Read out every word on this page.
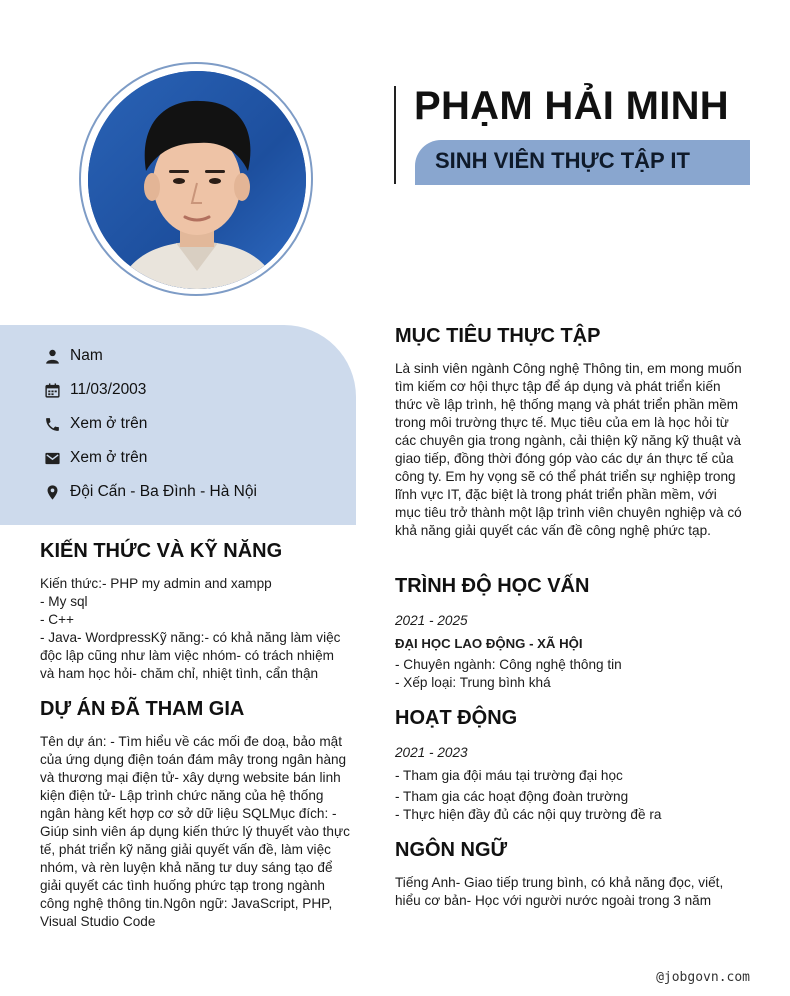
PHẠM HẢI MINH
SINH VIÊN THỰC TẬP IT
Nam
11/03/2003
Xem ở trên
Xem ở trên
Đội Cấn - Ba Đình - Hà Nội
KIẾN THỨC VÀ KỸ NĂNG
Kiến thức:- PHP my admin and xampp
- My sql
- C++
- Java- WordpressKỹ năng:- có khả năng làm việc
độc lập cũng như làm việc nhóm- có trách nhiệm
và ham học hỏi- chăm chỉ, nhiệt tình, cẩn thận
DỰ ÁN ĐÃ THAM GIA
Tên dự án: - Tìm hiểu về các mối đe doạ, bảo mật
của ứng dụng điện toán đám mây trong ngân hàng
và thương mại điện tử- xây dựng website bán linh
kiện điện tử- Lập trình chức năng của hệ thống
ngân hàng kết hợp cơ sở dữ liệu SQLMục đích: -
Giúp sinh viên áp dụng kiến thức lý thuyết vào thực
tế, phát triển kỹ năng giải quyết vấn đề, làm việc
nhóm, và rèn luyện khả năng tư duy sáng tạo để
giải quyết các tình huống phức tạp trong ngành
công nghệ thông tin.Ngôn ngữ: JavaScript, PHP,
Visual Studio Code
MỤC TIÊU THỰC TẬP
Là sinh viên ngành Công nghệ Thông tin, em mong muốn
tìm kiếm cơ hội thực tập để áp dụng và phát triển kiến
thức về lập trình, hệ thống mạng và phát triển phần mềm
trong môi trường thực tế. Mục tiêu của em là học hỏi từ
các chuyên gia trong ngành, cải thiện kỹ năng kỹ thuật và
giao tiếp, đồng thời đóng góp vào các dự án thực tế của
công ty. Em hy vọng sẽ có thể phát triển sự nghiệp trong
lĩnh vực IT, đặc biệt là trong phát triển phần mềm, với
mục tiêu trở thành một lập trình viên chuyên nghiệp và có
khả năng giải quyết các vấn đề công nghệ phức tạp.
TRÌNH ĐỘ HỌC VẤN
2021 - 2025
ĐẠI HỌC LAO ĐỘNG - XÃ HỘI
- Chuyên ngành: Công nghệ thông tin
- Xếp loại: Trung bình khá
HOẠT ĐỘNG
2021 - 2023
- Tham gia đội máu tại trường đại học
- Tham gia các hoạt động đoàn trường
- Thực hiện đầy đủ các nội quy trường đề ra
NGÔN NGỮ
Tiếng Anh- Giao tiếp trung bình, có khả năng đọc, viết,
hiểu cơ bản- Học với người nước ngoài trong 3 năm
@jobgovn.com
